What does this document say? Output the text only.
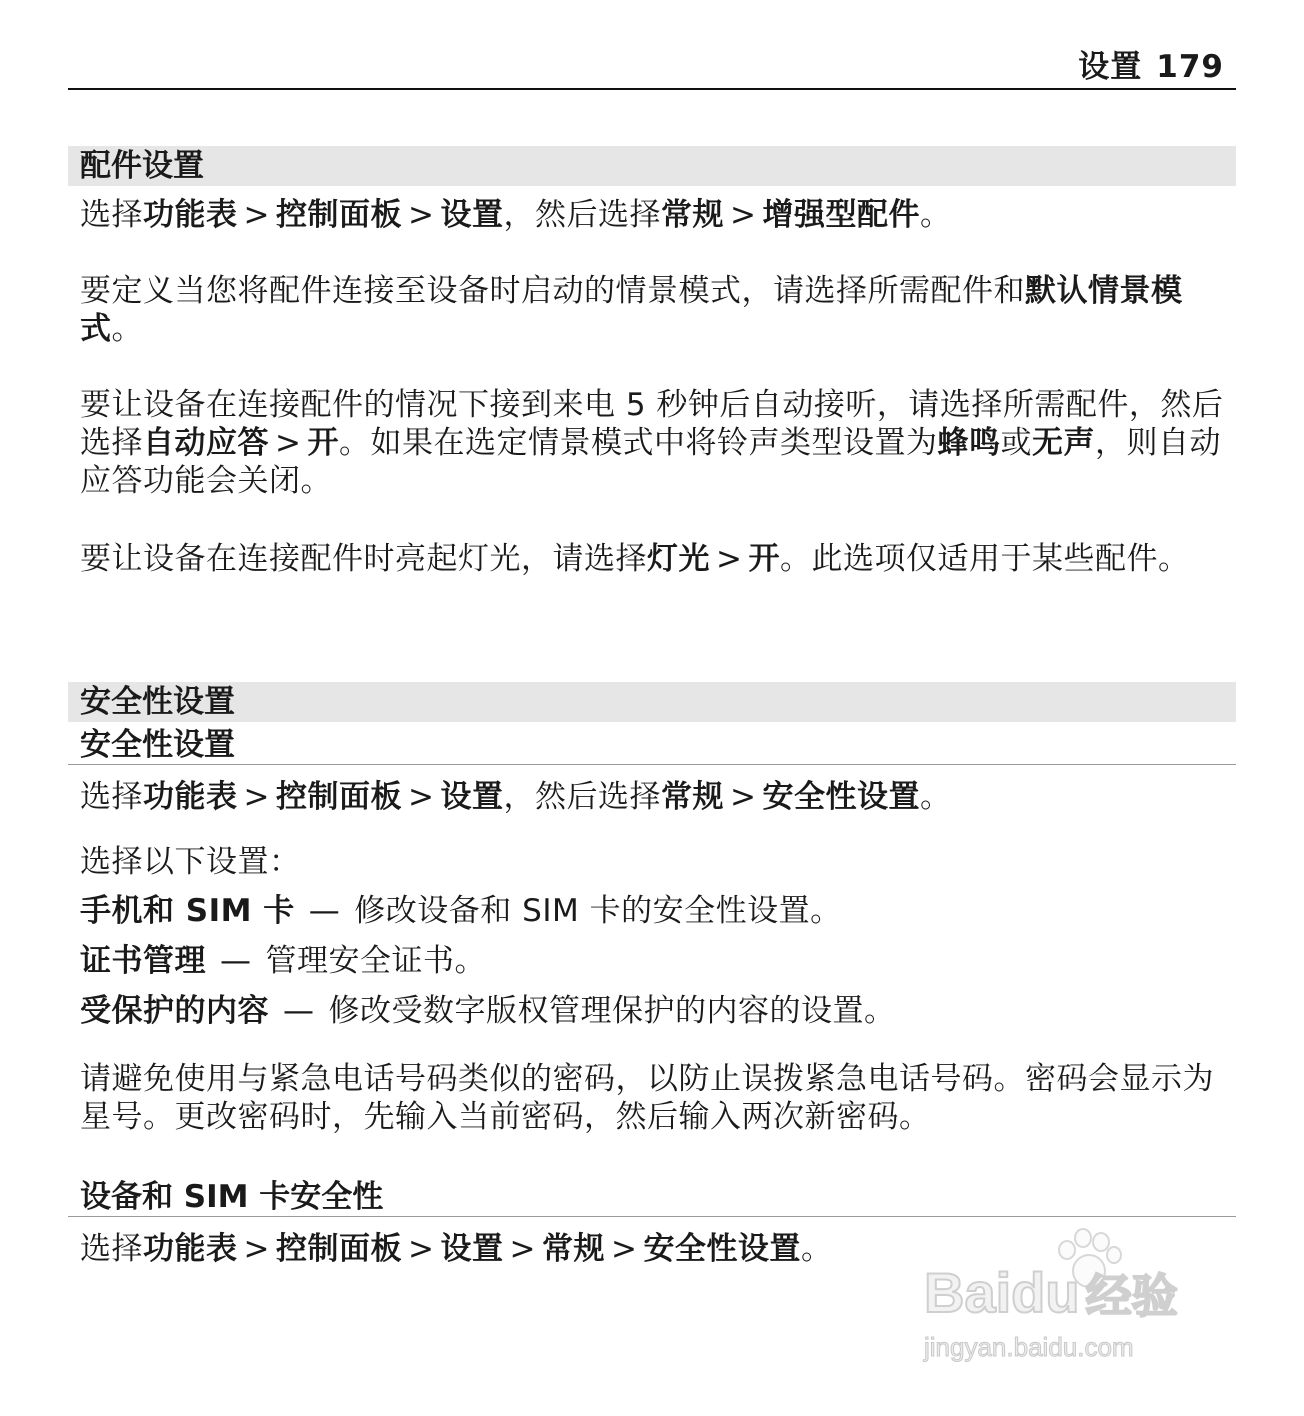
设置 179
配件设置

选择功能表 > 控制面板 > 设置，然后选择常规 > 增强型配件。

要定义当您将配件连接至设备时启动的情景模式，请选择所需配件和默认情景模式。

要让设备在连接配件的情况下接到来电 5 秒钟后自动接听，请选择所需配件，然后选择自动应答 > 开。如果在选定情景模式中将铃声类型设置为蜂鸣或无声，则自动应答功能会关闭。

要让设备在连接配件时亮起灯光，请选择灯光 > 开。此选项仅适用于某些配件。

安全性设置
安全性设置

选择功能表 > 控制面板 > 设置，然后选择常规 > 安全性设置。

选择以下设置：

手机和 SIM 卡 — 修改设备和 SIM 卡的安全性设置。

证书管理 — 管理安全证书。

受保护的内容 — 修改受数字版权管理保护的内容的设置。

请避免使用与紧急电话号码类似的密码，以防止误拨紧急电话号码。密码会显示为星号。更改密码时，先输入当前密码，然后输入两次新密码。

设备和 SIM 卡安全性

选择功能表 > 控制面板 > 设置 > 常规 > 安全性设置。

Baidu 经验
jingyan.baidu.com
